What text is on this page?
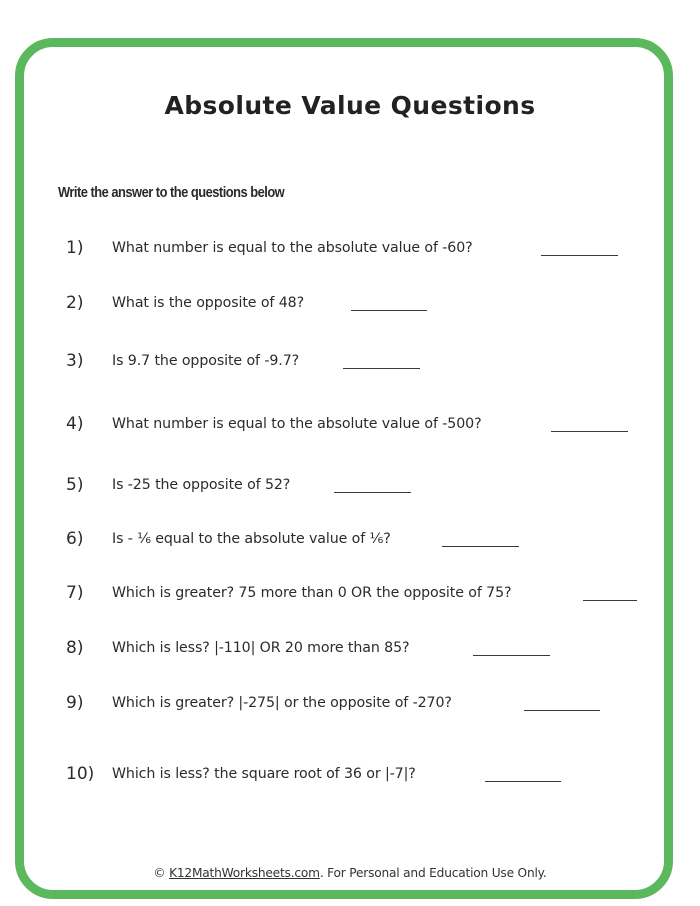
Absolute Value Questions
Write the answer to the questions below
1) What number is equal to the absolute value of -60?
2) What is the opposite of 48?
3) Is 9.7 the opposite of -9.7?
4) What number is equal to the absolute value of -500?
5) Is -25 the opposite of 52?
6) Is - ⅙ equal to the absolute value of ⅙?
7) Which is greater? 75 more than 0 OR the opposite of 75?
8) Which is less? |-110| OR 20 more than 85?
9) Which is greater? |-275| or the opposite of -270?
10) Which is less? the square root of 36 or |-7|?
© K12MathWorksheets.com. For Personal and Education Use Only.
